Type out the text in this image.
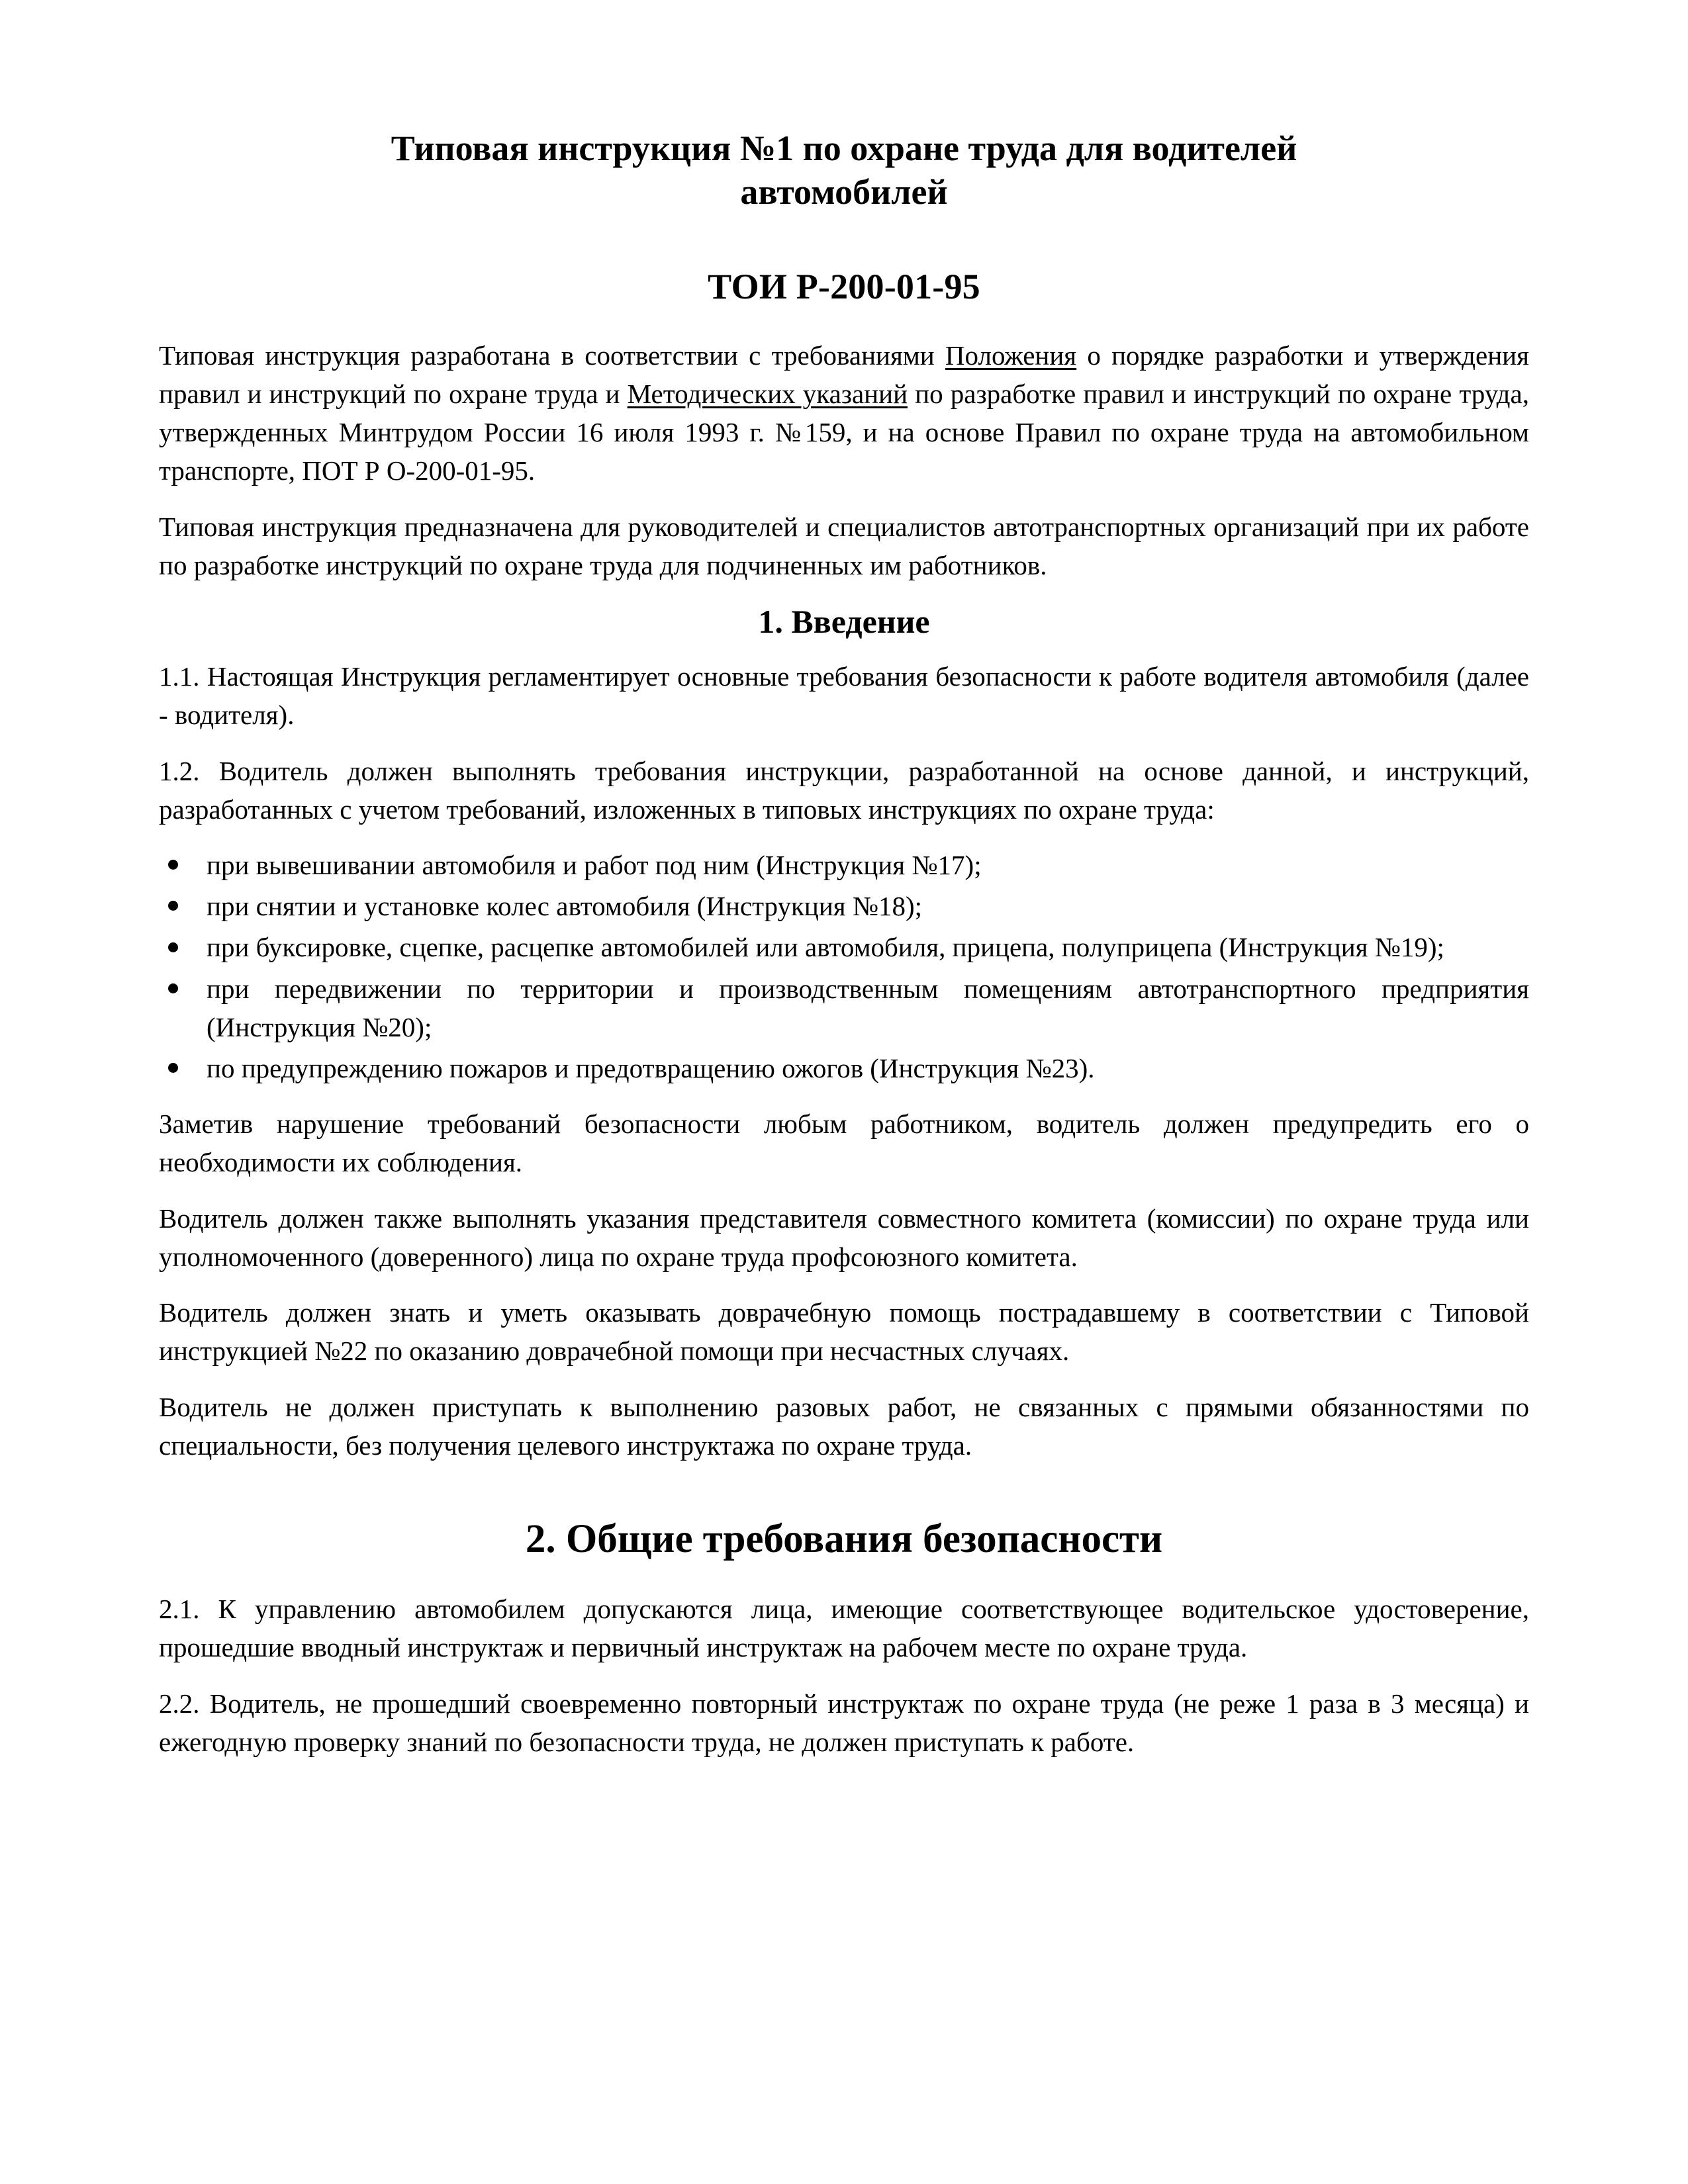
Типовая инструкция №1 по охране труда для водителей
автомобилей
ТОИ Р-200-01-95

Типовая инструкция разработана в соответствии с требованиями Положения о порядке разработки и утверждения правил и инструкций по охране труда и Методических указаний по разработке правил и инструкций по охране труда, утвержденных Минтрудом России 16 июля 1993 г. №159, и на основе Правил по охране труда на автомобильном транспорте, ПОТ Р О-200-01-95.

Типовая инструкция предназначена для руководителей и специалистов автотранспортных организаций при их работе по разработке инструкций по охране труда для подчиненных им работников.

1. Введение

1.1. Настоящая Инструкция регламентирует основные требования безопасности к работе водителя автомобиля (далее - водителя).

1.2. Водитель должен выполнять требования инструкции, разработанной на основе данной, и инструкций, разработанных с учетом требований, изложенных в типовых инструкциях по охране труда:

при вывешивании автомобиля и работ под ним (Инструкция №17);
при снятии и установке колес автомобиля (Инструкция №18);
при буксировке, сцепке, расцепке автомобилей или автомобиля, прицепа, полуприцепа (Инструкция №19);
при передвижении по территории и производственным помещениям автотранспортного предприятия (Инструкция №20);
по предупреждению пожаров и предотвращению ожогов (Инструкция №23).

Заметив нарушение требований безопасности любым работником, водитель должен предупредить его о необходимости их соблюдения.

Водитель должен также выполнять указания представителя совместного комитета (комиссии) по охране труда или уполномоченного (доверенного) лица по охране труда профсоюзного комитета.

Водитель должен знать и уметь оказывать доврачебную помощь пострадавшему в соответствии с Типовой инструкцией №22 по оказанию доврачебной помощи при несчастных случаях.

Водитель не должен приступать к выполнению разовых работ, не связанных с прямыми обязанностями по специальности, без получения целевого инструктажа по охране труда.

2. Общие требования безопасности

2.1. К управлению автомобилем допускаются лица, имеющие соответствующее водительское удостоверение, прошедшие вводный инструктаж и первичный инструктаж на рабочем месте по охране труда.

2.2. Водитель, не прошедший своевременно повторный инструктаж по охране труда (не реже 1 раза в 3 месяца) и ежегодную проверку знаний по безопасности труда, не должен приступать к работе.
